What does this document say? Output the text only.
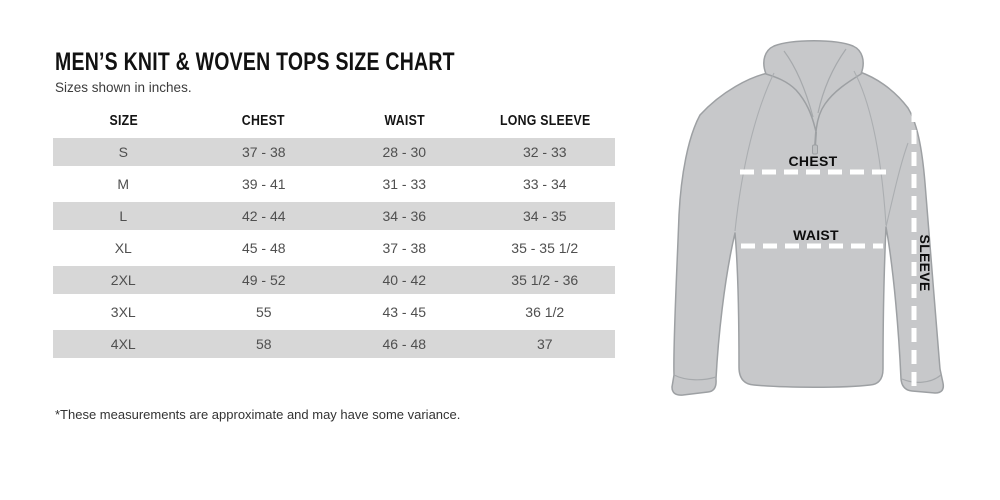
MEN’S KNIT & WOVEN TOPS SIZE CHART

Sizes shown in inches.

SIZE	CHEST	WAIST	LONG SLEEVE
S	37 - 38	28 - 30	32 - 33
M	39 - 41	31 - 33	33 - 34
L	42 - 44	34 - 36	34 - 35
XL	45 - 48	37 - 38	35 - 35 1/2
2XL	49 - 52	40 - 42	35 1/2 - 36
3XL	55	43 - 45	36 1/2
4XL	58	46 - 48	37

*These measurements are approximate and may have some variance.

CHEST
WAIST	SLEEVE
